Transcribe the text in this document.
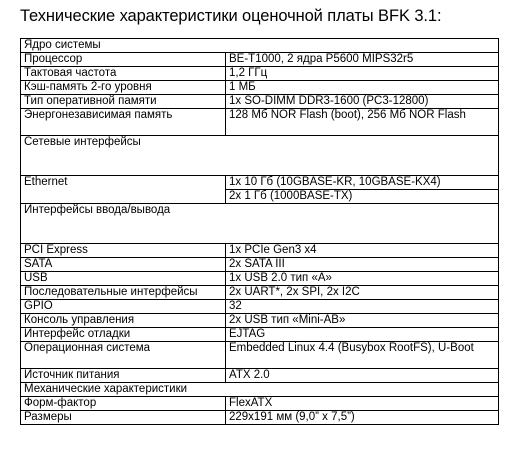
Технические характеристики оценочной платы BFK 3.1:
Ядро системы	
Процессор	BE-T1000, 2 ядра P5600 MIPS32r5
Тактовая частота	1,2 ГГц
Кэш-память 2-го уровня	1 МБ
Тип оперативной памяти	1x SO-DIMM DDR3-1600 (PC3-12800)
Энергонезависимая память	128 Мб NOR Flash (boot), 256 Мб NOR Flash
Сетевые интерфейсы	
Ethernet	1x 10 Гб (10GBASE-KR, 10GBASE-KX4)
	2x 1 Гб (1000BASE-TX)
Интерфейсы ввода/вывода	
PCI Express	1x PCIe Gen3 x4
SATA	2x SATA III
USB	1x USB 2.0 тип «A»
Последовательные интерфейсы	2x UART*, 2x SPI, 2x I2C
GPIO	32
Консоль управления	2x USB тип «Mini-AB»
Интерфейс отладки	EJTAG
Операционная система	Embedded Linux 4.4 (Busybox RootFS), U-Boot
Источник питания	ATX 2.0
Механические характеристики	
Форм-фактор	FlexATX
Размеры	229x191 мм (9,0” x 7,5”)
